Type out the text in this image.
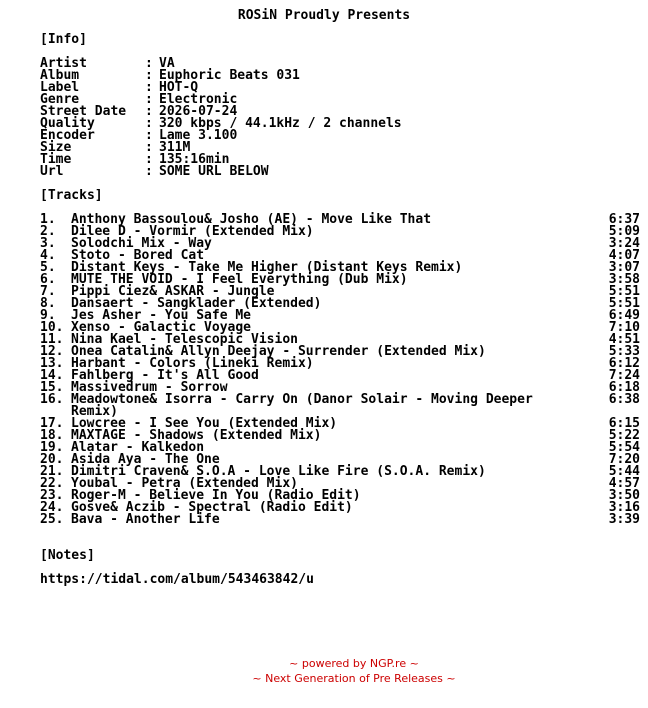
ROSiN Proudly Presents
[Info]
Artist	: VA
Album	: Euphoric Beats 031
Label	: HOT-Q
Genre	: Electronic
Street Date : 2026-07-24
Quality	: 320 kbps / 44.1kHz / 2 channels
Encoder	: Lame 3.100
Size	: 311M
Time	: 135:16min
Url	: SOME URL BELOW
[Tracks]
1. Anthony Bassoulou& Josho (AE) - Move Like That	6:37
2. Dilee D - Vormir (Extended Mix)	5:09
3. Solodchi Mix - Way	3:24
4. Stoto - Bored Cat	4:07
5. Distant Keys - Take Me Higher (Distant Keys Remix)	3:07
6. MUTE THE VOID - I Feel Everything (Dub Mix)	3:58
7. Pippi Ciez& ASKAR - Jungle	5:51
8. Dansaert - Sangklader (Extended)	5:51
9. Jes Asher - You Safe Me	6:49
10. Xenso - Galactic Voyage	7:10
11. Nina Kael - Telescopic Vision	4:51
12. Onea Catalin& Allyn Deejay - Surrender (Extended Mix)	5:33
13. Harbant - Colors (Lineki Remix)	6:12
14. Fahlberg - It's All Good	7:24
15. Massivedrum - Sorrow	6:18
16. Meadowtone& Isorra - Carry On (Danor Solair - Moving Deeper	6:38
Remix)
17. Lowcree - I See You (Extended Mix)	6:15
18. MAXTAGE - Shadows (Extended Mix)	5:22
19. Alatar - Kalkedon	5:54
20. Asida Aya - The One	7:20
21. Dimitri Craven& S.O.A - Love Like Fire (S.O.A. Remix)	5:44
22. Youbal - Petra (Extended Mix)	4:57
23. Roger-M - Believe In You (Radio Edit)	3:50
24. Gosve& Aczib - Spectral (Radio Edit)	3:16
25. Bava - Another Life	3:39
[Notes]
https://tidal.com/album/543463842/u
~ powered by NGP.re ~
~ Next Generation of Pre Releases ~
